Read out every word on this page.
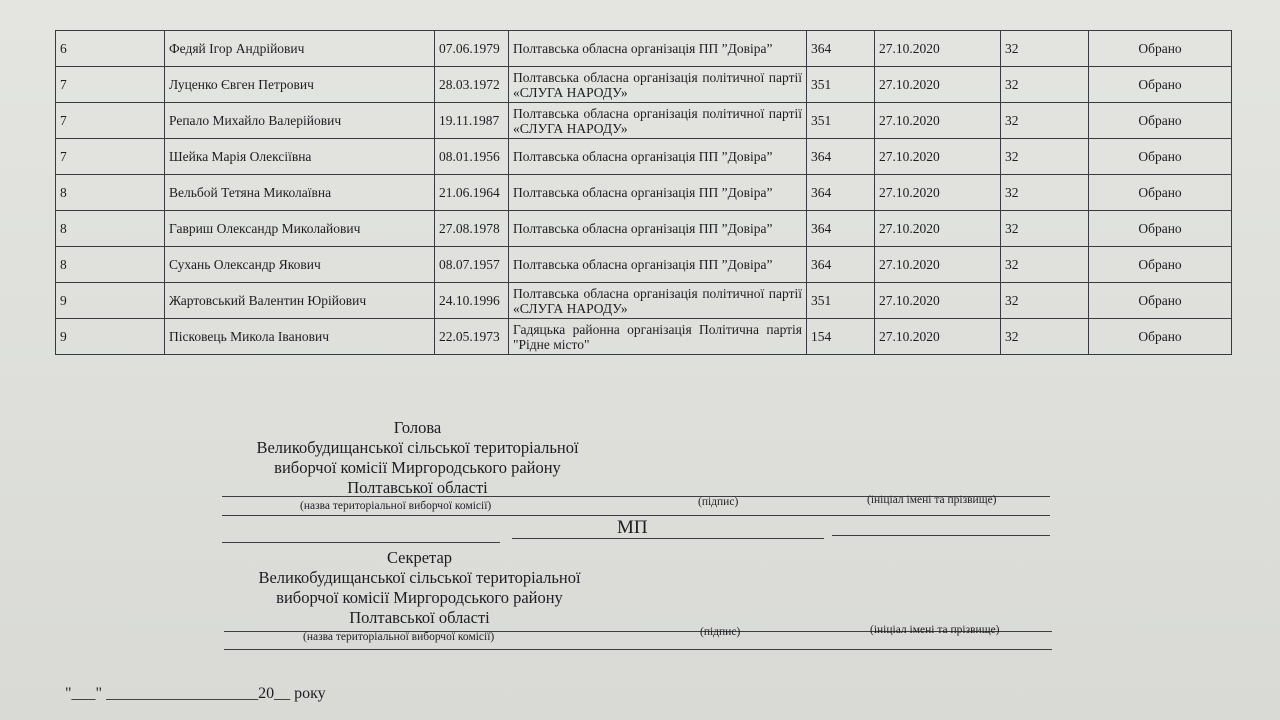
6	Федяй Ігор Андрійович	07.06.1979	Полтавська обласна організація ПП ”Довіра”	364	27.10.2020	32	Обрано
7	Луценко Євген Петрович	28.03.1972	Полтавська обласна організація політичної партії «СЛУГА НАРОДУ»	351	27.10.2020	32	Обрано
7	Репало Михайло Валерійович	19.11.1987	Полтавська обласна організація політичної партії «СЛУГА НАРОДУ»	351	27.10.2020	32	Обрано
7	Шейка Марія Олексіївна	08.01.1956	Полтавська обласна організація ПП ”Довіра”	364	27.10.2020	32	Обрано
8	Вельбой Тетяна Миколаївна	21.06.1964	Полтавська обласна організація ПП ”Довіра”	364	27.10.2020	32	Обрано
8	Гавриш Олександр Миколайович	27.08.1978	Полтавська обласна організація ПП ”Довіра”	364	27.10.2020	32	Обрано
8	Сухань Олександр Якович	08.07.1957	Полтавська обласна організація ПП ”Довіра”	364	27.10.2020	32	Обрано
9	Жартовський Валентин Юрійович	24.10.1996	Полтавська обласна організація політичної партії «СЛУГА НАРОДУ»	351	27.10.2020	32	Обрано
9	Пісковець Микола Іванович	22.05.1973	Гадяцька районна організація Політична партія "Рідне місто"	154	27.10.2020	32	Обрано
Голова
Великобудищанської сільської територіальної
виборчої комісії Миргородського району
Полтавської області
(назва територіальної виборчої комісії)	(підпис)	(ініціал імені та прізвище)
МП
Секретар
Великобудищанської сільської територіальної
виборчої комісії Миргородського району
Полтавської області
(назва територіальної виборчої комісії)	(підпис)	(ініціал імені та прізвище)
"___" ___________________20__ року
